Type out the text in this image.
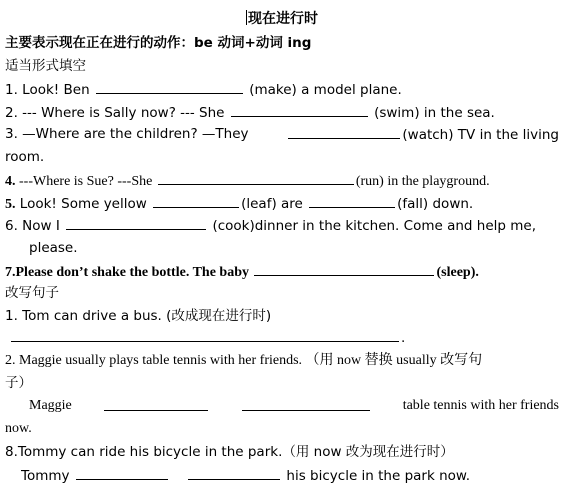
现在进行时
主要表示现在正在进行的动作：be 动词+动词 ing
适当形式填空
1. Look! Ben	(make) a model plane.
2. --- Where is Sally now? --- She	(swim) in the sea.
3. —Where are the children? —They	(watch) TV in the living
room.
4. ---Where is Sue? ---She	(run) in the playground.
5. Look! Some yellow	(leaf) are	(fall) down.
6. Now I	(cook)dinner in the kitchen. Come and help me,
please.
7.Please don’t shake the bottle. The baby	(sleep).
改写句子
1. Tom can drive a bus. (改成现在进行时)
.
2. Maggie usually plays table tennis with her friends. （用 now 替换 usually 改写句
子）
Maggie	table tennis with her friends
now.
8.Tommy can ride his bicycle in the park.（用 now 改为现在进行时）
Tommy	his bicycle in the park now.
